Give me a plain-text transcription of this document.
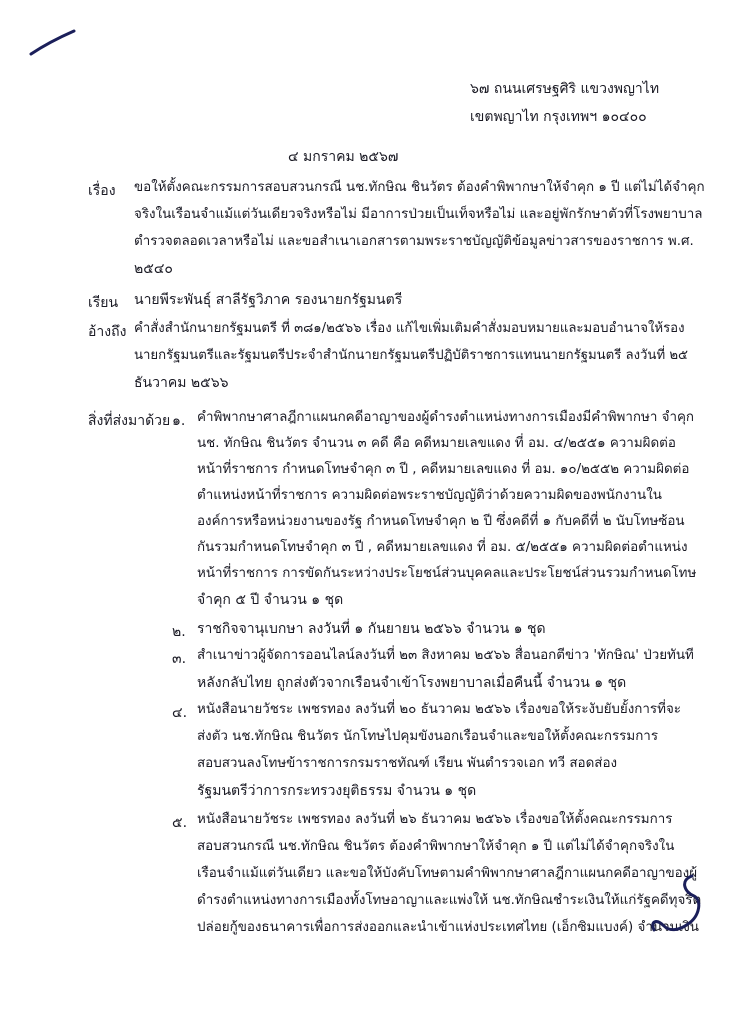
๖๗ ถนนเศรษฐศิริ แขวงพญาไท
เขตพญาไท กรุงเทพฯ ๑๐๔๐๐
๔ มกราคม ๒๕๖๗
เรื่อง ขอให้ตั้งคณะกรรมการสอบสวนกรณี นช.ทักษิณ ชินวัตร ต้องคำพิพากษาให้จำคุก ๑ ปี แต่ไม่ได้จำคุก
จริงในเรือนจำแม้แต่วันเดียวจริงหรือไม่ มีอาการป่วยเป็นเท็จหรือไม่ และอยู่พักรักษาตัวที่โรงพยาบาล
ตำรวจตลอดเวลาหรือไม่ และขอสำเนาเอกสารตามพระราชบัญญัติข้อมูลข่าวสารของราชการ พ.ศ.
๒๕๔๐
เรียน นายพีระพันธุ์ สาลีรัฐวิภาค รองนายกรัฐมนตรี
อ้างถึง คำสั่งสำนักนายกรัฐมนตรี ที่ ๓๘๑/๒๕๖๖ เรื่อง แก้ไขเพิ่มเติมคำสั่งมอบหมายและมอบอำนาจให้รอง
นายกรัฐมนตรีและรัฐมนตรีประจำสำนักนายกรัฐมนตรีปฏิบัติราชการแทนนายกรัฐมนตรี ลงวันที่ ๒๕
ธันวาคม ๒๕๖๖
สิ่งที่ส่งมาด้วย ๑. คำพิพากษาศาลฎีกาแผนกคดีอาญาของผู้ดำรงตำแหน่งทางการเมืองมีคำพิพากษา จำคุก
นช. ทักษิณ ชินวัตร จำนวน ๓ คดี คือ คดีหมายเลขแดง ที่ อม. ๔/๒๕๕๑ ความผิดต่อ
หน้าที่ราชการ กำหนดโทษจำคุก ๓ ปี , คดีหมายเลขแดง ที่ อม. ๑๐/๒๕๕๒ ความผิดต่อ
ตำแหน่งหน้าที่ราชการ ความผิดต่อพระราชบัญญัติว่าด้วยความผิดของพนักงานใน
องค์การหรือหน่วยงานของรัฐ กำหนดโทษจำคุก ๒ ปี ซึ่งคดีที่ ๑ กับคดีที่ ๒ นับโทษซ้อน
กันรวมกำหนดโทษจำคุก ๓ ปี , คดีหมายเลขแดง ที่ อม. ๕/๒๕๕๑ ความผิดต่อตำแหน่ง
หน้าที่ราชการ การขัดกันระหว่างประโยชน์ส่วนบุคคลและประโยชน์ส่วนรวมกำหนดโทษ
จำคุก ๕ ปี จำนวน ๑ ชุด
๒. ราชกิจจานุเบกษา ลงวันที่ ๑ กันยายน ๒๕๖๖ จำนวน ๑ ชุด
๓. สำเนาข่าวผู้จัดการออนไลน์ลงวันที่ ๒๓ สิงหาคม ๒๕๖๖ สื่อนอกตีข่าว 'ทักษิณ' ป่วยทันที
หลังกลับไทย ถูกส่งตัวจากเรือนจำเข้าโรงพยาบาลเมื่อคืนนี้ จำนวน ๑ ชุด
๔. หนังสือนายวัชระ เพชรทอง ลงวันที่ ๒๐ ธันวาคม ๒๕๖๖ เรื่องขอให้ระงับยับยั้งการที่จะ
ส่งตัว นช.ทักษิณ ชินวัตร นักโทษไปคุมขังนอกเรือนจำและขอให้ตั้งคณะกรรมการ
สอบสวนลงโทษข้าราชการกรมราชทัณฑ์ เรียน พันตำรวจเอก ทวี สอดส่อง
รัฐมนตรีว่าการกระทรวงยุติธรรม จำนวน ๑ ชุด
๕. หนังสือนายวัชระ เพชรทอง ลงวันที่ ๒๖ ธันวาคม ๒๕๖๖ เรื่องขอให้ตั้งคณะกรรมการ
สอบสวนกรณี นช.ทักษิณ ชินวัตร ต้องคำพิพากษาให้จำคุก ๑ ปี แต่ไม่ได้จำคุกจริงใน
เรือนจำแม้แต่วันเดียว และขอให้บังคับโทษตามคำพิพากษาศาลฎีกาแผนกคดีอาญาของผู้
ดำรงตำแหน่งทางการเมืองทั้งโทษอาญาและแพ่งให้ นช.ทักษิณชำระเงินให้แก่รัฐคดีทุจริต
ปล่อยกู้ของธนาคารเพื่อการส่งออกและนำเข้าแห่งประเทศไทย (เอ็กซิมแบงค์) จำนวนเงิน
